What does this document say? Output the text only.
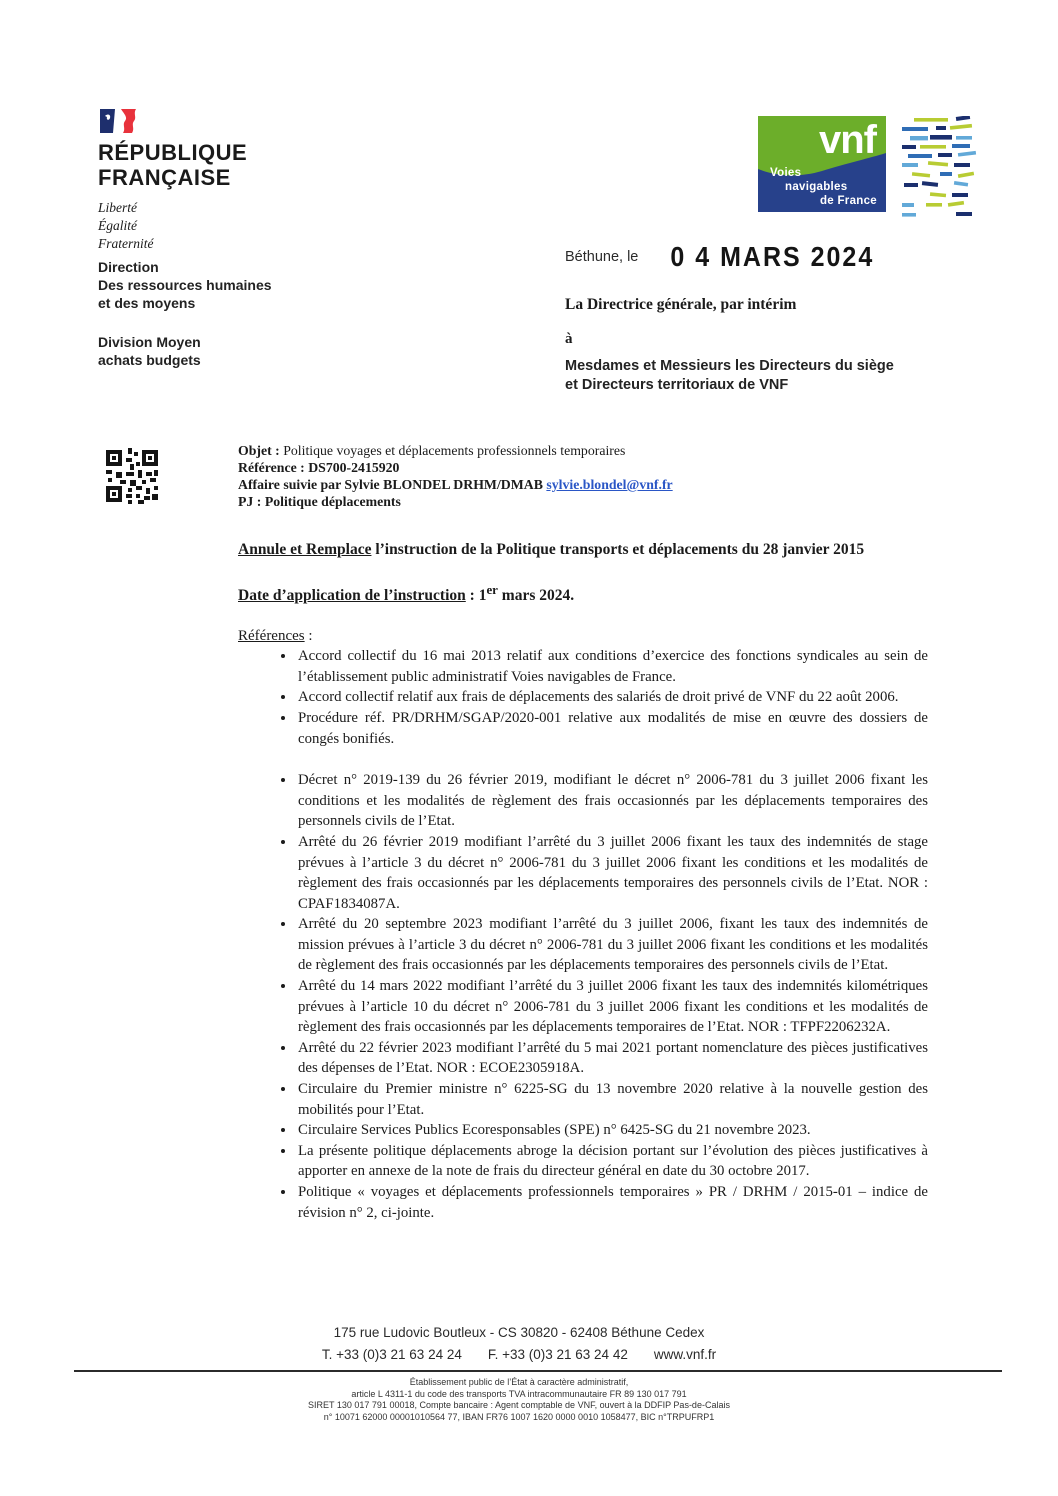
RÉPUBLIQUE
FRANÇAISE
Liberté
Égalité
Fraternité
Direction
Des ressources humaines
et des moyens
Division Moyen
achats budgets
vnf
Voies
navigables
de France
Béthune, le 0 4 MARS 2024
La Directrice générale, par intérim
à
Mesdames et Messieurs les Directeurs du siège
et Directeurs territoriaux de VNF
Objet : Politique voyages et déplacements professionnels temporaires
Référence : DS700-2415920
Affaire suivie par Sylvie BLONDEL DRHM/DMAB sylvie.blondel@vnf.fr
PJ : Politique déplacements

Annule et Remplace l’instruction de la Politique transports et déplacements du 28 janvier 2015

Date d’application de l’instruction : 1er mars 2024.

Références :

• Accord collectif du 16 mai 2013 relatif aux conditions d’exercice des fonctions syndicales au sein de l’établissement public administratif Voies navigables de France.
• Accord collectif relatif aux frais de déplacements des salariés de droit privé de VNF du 22 août 2006.
• Procédure réf. PR/DRHM/SGAP/2020-001 relative aux modalités de mise en œuvre des dossiers de congés bonifiés.
• Décret n° 2019-139 du 26 février 2019, modifiant le décret n° 2006-781 du 3 juillet 2006 fixant les conditions et les modalités de règlement des frais occasionnés par les déplacements temporaires des personnels civils de l’Etat.
• Arrêté du 26 février 2019 modifiant l’arrêté du 3 juillet 2006 fixant les taux des indemnités de stage prévues à l’article 3 du décret n° 2006-781 du 3 juillet 2006 fixant les conditions et les modalités de règlement des frais occasionnés par les déplacements temporaires des personnels civils de l’Etat. NOR : CPAF1834087A.
• Arrêté du 20 septembre 2023 modifiant l’arrêté du 3 juillet 2006, fixant les taux des indemnités de mission prévues à l’article 3 du décret n° 2006-781 du 3 juillet 2006 fixant les conditions et les modalités de règlement des frais occasionnés par les déplacements temporaires des personnels civils de l’Etat.
• Arrêté du 14 mars 2022 modifiant l’arrêté du 3 juillet 2006 fixant les taux des indemnités kilométriques prévues à l’article 10 du décret n° 2006-781 du 3 juillet 2006 fixant les conditions et les modalités de règlement des frais occasionnés par les déplacements temporaires de l’Etat. NOR : TFPF2206232A.
• Arrêté du 22 février 2023 modifiant l’arrêté du 5 mai 2021 portant nomenclature des pièces justificatives des dépenses de l’Etat. NOR : ECOE2305918A.
• Circulaire du Premier ministre n° 6225-SG du 13 novembre 2020 relative à la nouvelle gestion des mobilités pour l’Etat.
• Circulaire Services Publics Ecoresponsables (SPE) n° 6425-SG du 21 novembre 2023.
• La présente politique déplacements abroge la décision portant sur l’évolution des pièces justificatives à apporter en annexe de la note de frais du directeur général en date du 30 octobre 2017.
• Politique « voyages et déplacements professionnels temporaires » PR / DRHM / 2015-01 – indice de révision n° 2, ci-jointe.
175 rue Ludovic Boutleux - CS 30820 - 62408 Béthune Cedex
T. +33 (0)3 21 63 24 24 F. +33 (0)3 21 63 24 42 www.vnf.fr
Établissement public de l’État à caractère administratif,
article L 4311-1 du code des transports TVA intracommunautaire FR 89 130 017 791
SIRET 130 017 791 00018, Compte bancaire : Agent comptable de VNF, ouvert à la DDFIP Pas-de-Calais
n° 10071 62000 00001010564 77, IBAN FR76 1007 1620 0000 0010 1058477, BIC n°TRPUFRP1
